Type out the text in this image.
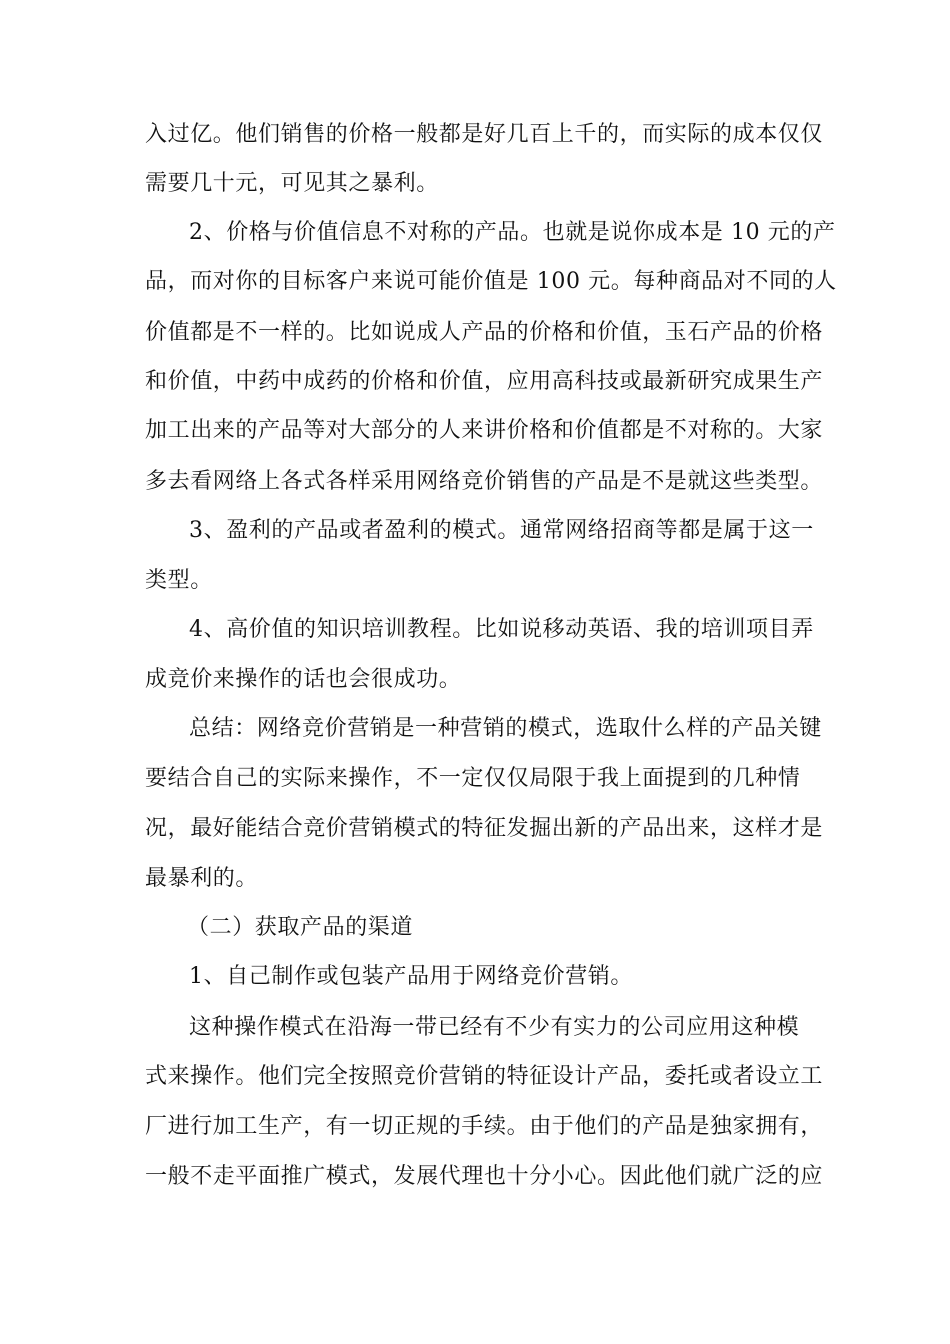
入过亿。他们销售的价格一般都是好几百上千的，而实际的成本仅仅
需要几十元，可见其之暴利。
2、价格与价值信息不对称的产品。也就是说你成本是 10 元的产
品，而对你的目标客户来说可能价值是 100 元。每种商品对不同的人
价值都是不一样的。比如说成人产品的价格和价值，玉石产品的价格
和价值，中药中成药的价格和价值，应用高科技或最新研究成果生产
加工出来的产品等对大部分的人来讲价格和价值都是不对称的。大家
多去看网络上各式各样采用网络竞价销售的产品是不是就这些类型。
3、盈利的产品或者盈利的模式。通常网络招商等都是属于这一
类型。
4、高价值的知识培训教程。比如说移动英语、我的培训项目弄
成竞价来操作的话也会很成功。
总结：网络竞价营销是一种营销的模式，选取什么样的产品关键
要结合自己的实际来操作，不一定仅仅局限于我上面提到的几种情
况，最好能结合竞价营销模式的特征发掘出新的产品出来，这样才是
最暴利的。
（二）获取产品的渠道
1、自己制作或包装产品用于网络竞价营销。
这种操作模式在沿海一带已经有不少有实力的公司应用这种模
式来操作。他们完全按照竞价营销的特征设计产品，委托或者设立工
厂进行加工生产，有一切正规的手续。由于他们的产品是独家拥有，
一般不走平面推广模式，发展代理也十分小心。因此他们就广泛的应
